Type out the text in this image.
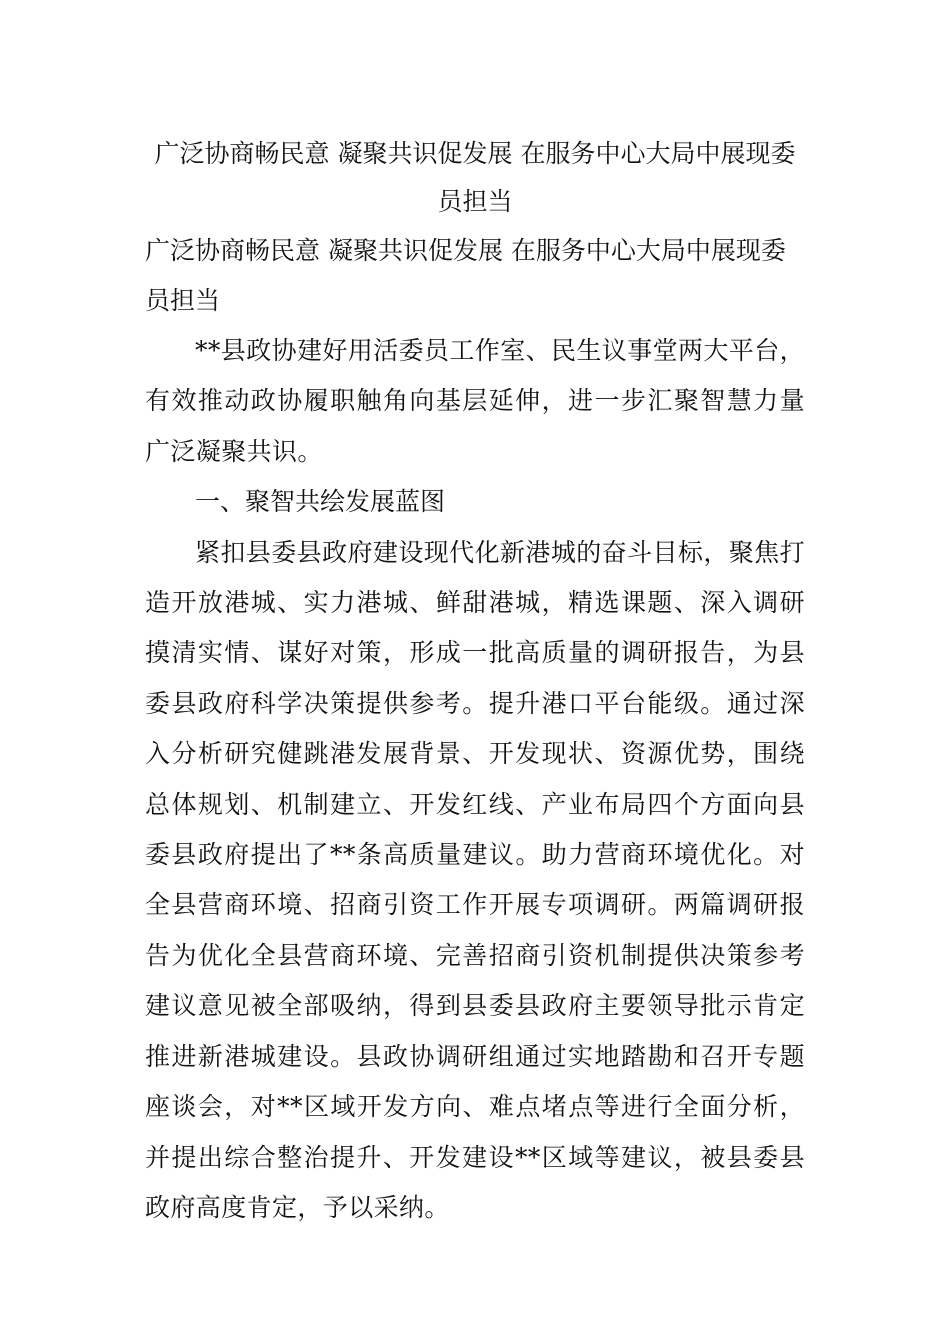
广泛协商畅民意 凝聚共识促发展 在服务中心大局中展现委员担当
广泛协商畅民意 凝聚共识促发展 在服务中心大局中展现委员担当

**县政协建好用活委员工作室、民生议事堂两大平台，有效推动政协履职触角向基层延伸，进一步汇聚智慧力量广泛凝聚共识。

一、聚智共绘发展蓝图

紧扣县委县政府建设现代化新港城的奋斗目标，聚焦打造开放港城、实力港城、鲜甜港城，精选课题、深入调研摸清实情、谋好对策，形成一批高质量的调研报告，为县委县政府科学决策提供参考。提升港口平台能级。通过深入分析研究健跳港发展背景、开发现状、资源优势，围绕总体规划、机制建立、开发红线、产业布局四个方面向县委县政府提出了**条高质量建议。助力营商环境优化。对全县营商环境、招商引资工作开展专项调研。两篇调研报告为优化全县营商环境、完善招商引资机制提供决策参考建议意见被全部吸纳，得到县委县政府主要领导批示肯定推进新港城建设。县政协调研组通过实地踏勘和召开专题座谈会，对**区域开发方向、难点堵点等进行全面分析，并提出综合整治提升、开发建设**区域等建议，被县委县政府高度肯定，予以采纳。
